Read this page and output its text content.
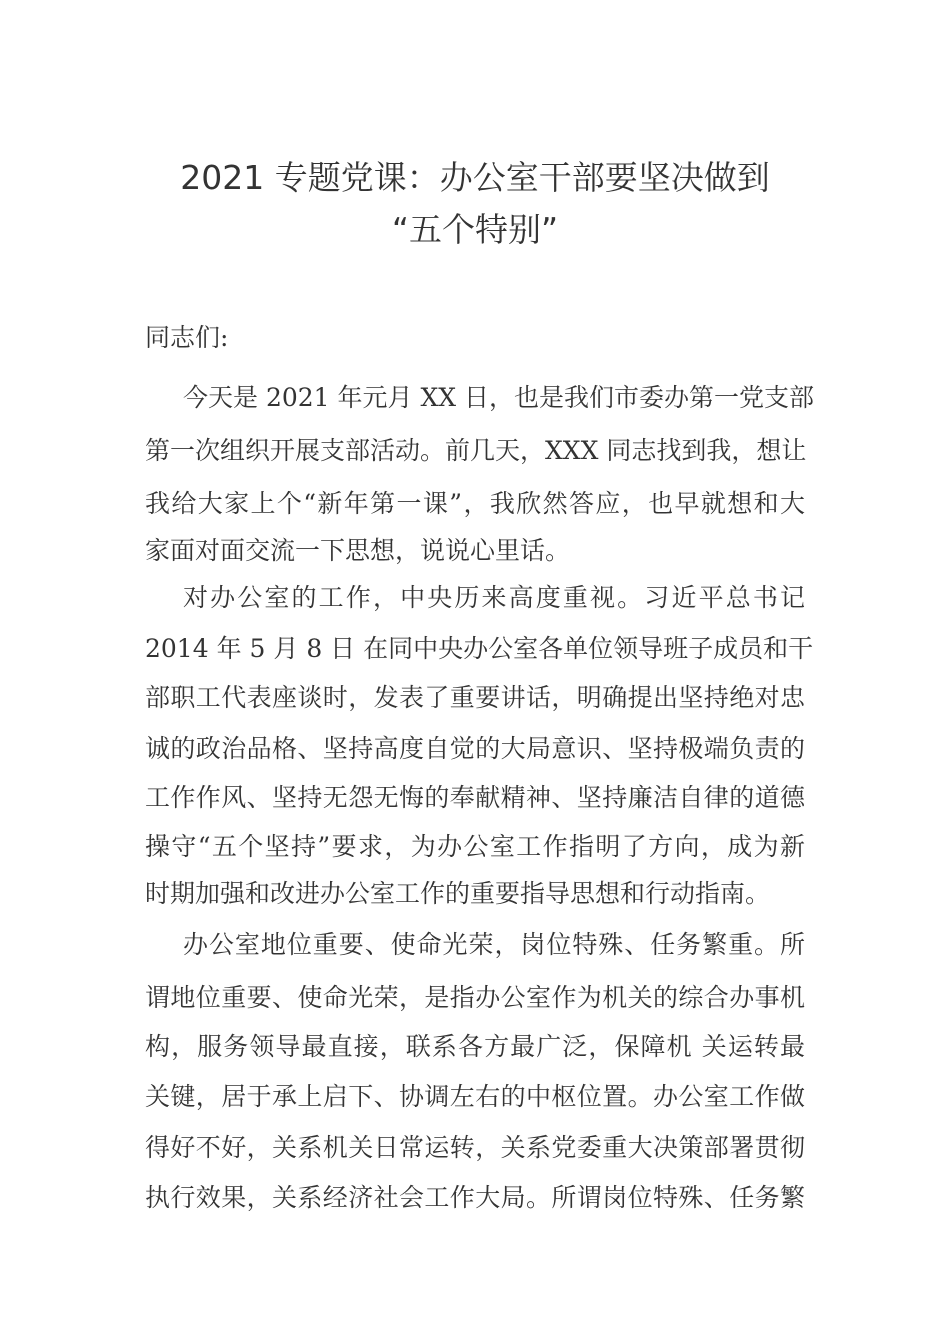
2021 专题党课：办公室干部要坚决做到
“五个特别”
同志们:
今天是 2021 年元月 XX 日，也是我们市委办第一党支部
第一次组织开展支部活动。前几天，XXX 同志找到我，想让
我给大家上个“新年第一课”，我欣然答应，也早就想和大
家面对面交流一下思想，说说心里话。
对办公室的工作，中央历来高度重视。习近平总书记
2014 年 5 月 8 日 在同中央办公室各单位领导班子成员和干
部职工代表座谈时，发表了重要讲话，明确提出坚持绝对忠
诚的政治品格、坚持高度自觉的大局意识、坚持极端负责的
工作作风、坚持无怨无悔的奉献精神、坚持廉洁自律的道德
操守“五个坚持”要求，为办公室工作指明了方向，成为新
时期加强和改进办公室工作的重要指导思想和行动指南。
办公室地位重要、使命光荣，岗位特殊、任务繁重。所
谓地位重要、使命光荣，是指办公室作为机关的综合办事机
构，服务领导最直接，联系各方最广泛，保障机 关运转最
关键，居于承上启下、协调左右的中枢位置。办公室工作做
得好不好，关系机关日常运转，关系党委重大决策部署贯彻
执行效果，关系经济社会工作大局。所谓岗位特殊、任务繁
